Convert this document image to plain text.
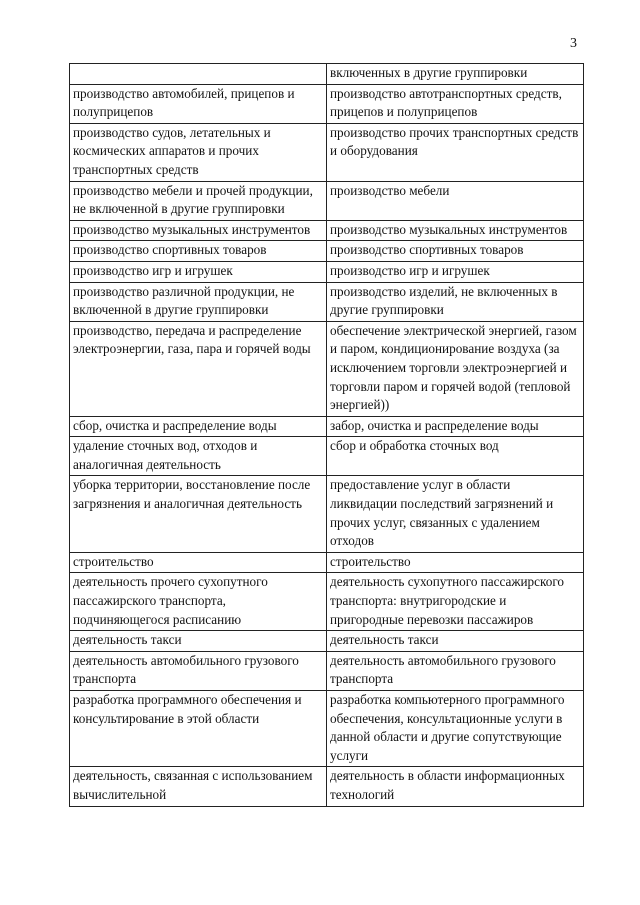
3
	включенных в другие группировки
производство автомобилей, прицепов и полуприцепов	производство автотранспортных средств, прицепов и полуприцепов
производство судов, летательных и космических аппаратов и прочих транспортных средств	производство прочих транспортных средств и оборудования
производство мебели и прочей продукции, не включенной в другие группировки	производство мебели
производство музыкальных инструментов	производство музыкальных инструментов
производство спортивных товаров	производство спортивных товаров
производство игр и игрушек	производство игр и игрушек
производство различной продукции, не включенной в другие группировки	производство изделий, не включенных в другие группировки
производство, передача и распределение электроэнергии, газа, пара и горячей воды	обеспечение электрической энергией, газом и паром, кондиционирование воздуха (за исключением торговли электроэнергией и торговли паром и горячей водой (тепловой энергией))
сбор, очистка и распределение воды	забор, очистка и распределение воды
удаление сточных вод, отходов и аналогичная деятельность	сбор и обработка сточных вод
уборка территории, восстановление после загрязнения и аналогичная деятельность	предоставление услуг в области ликвидации последствий загрязнений и прочих услуг, связанных с удалением отходов
строительство	строительство
деятельность прочего сухопутного пассажирского транспорта, подчиняющегося расписанию	деятельность сухопутного пассажирского транспорта: внутригородские и пригородные перевозки пассажиров
деятельность такси	деятельность такси
деятельность автомобильного грузового транспорта	деятельность автомобильного грузового транспорта
разработка программного обеспечения и консультирование в этой области	разработка компьютерного программного обеспечения, консультационные услуги в данной области и другие сопутствующие услуги
деятельность, связанная с использованием вычислительной	деятельность в области информационных технологий
